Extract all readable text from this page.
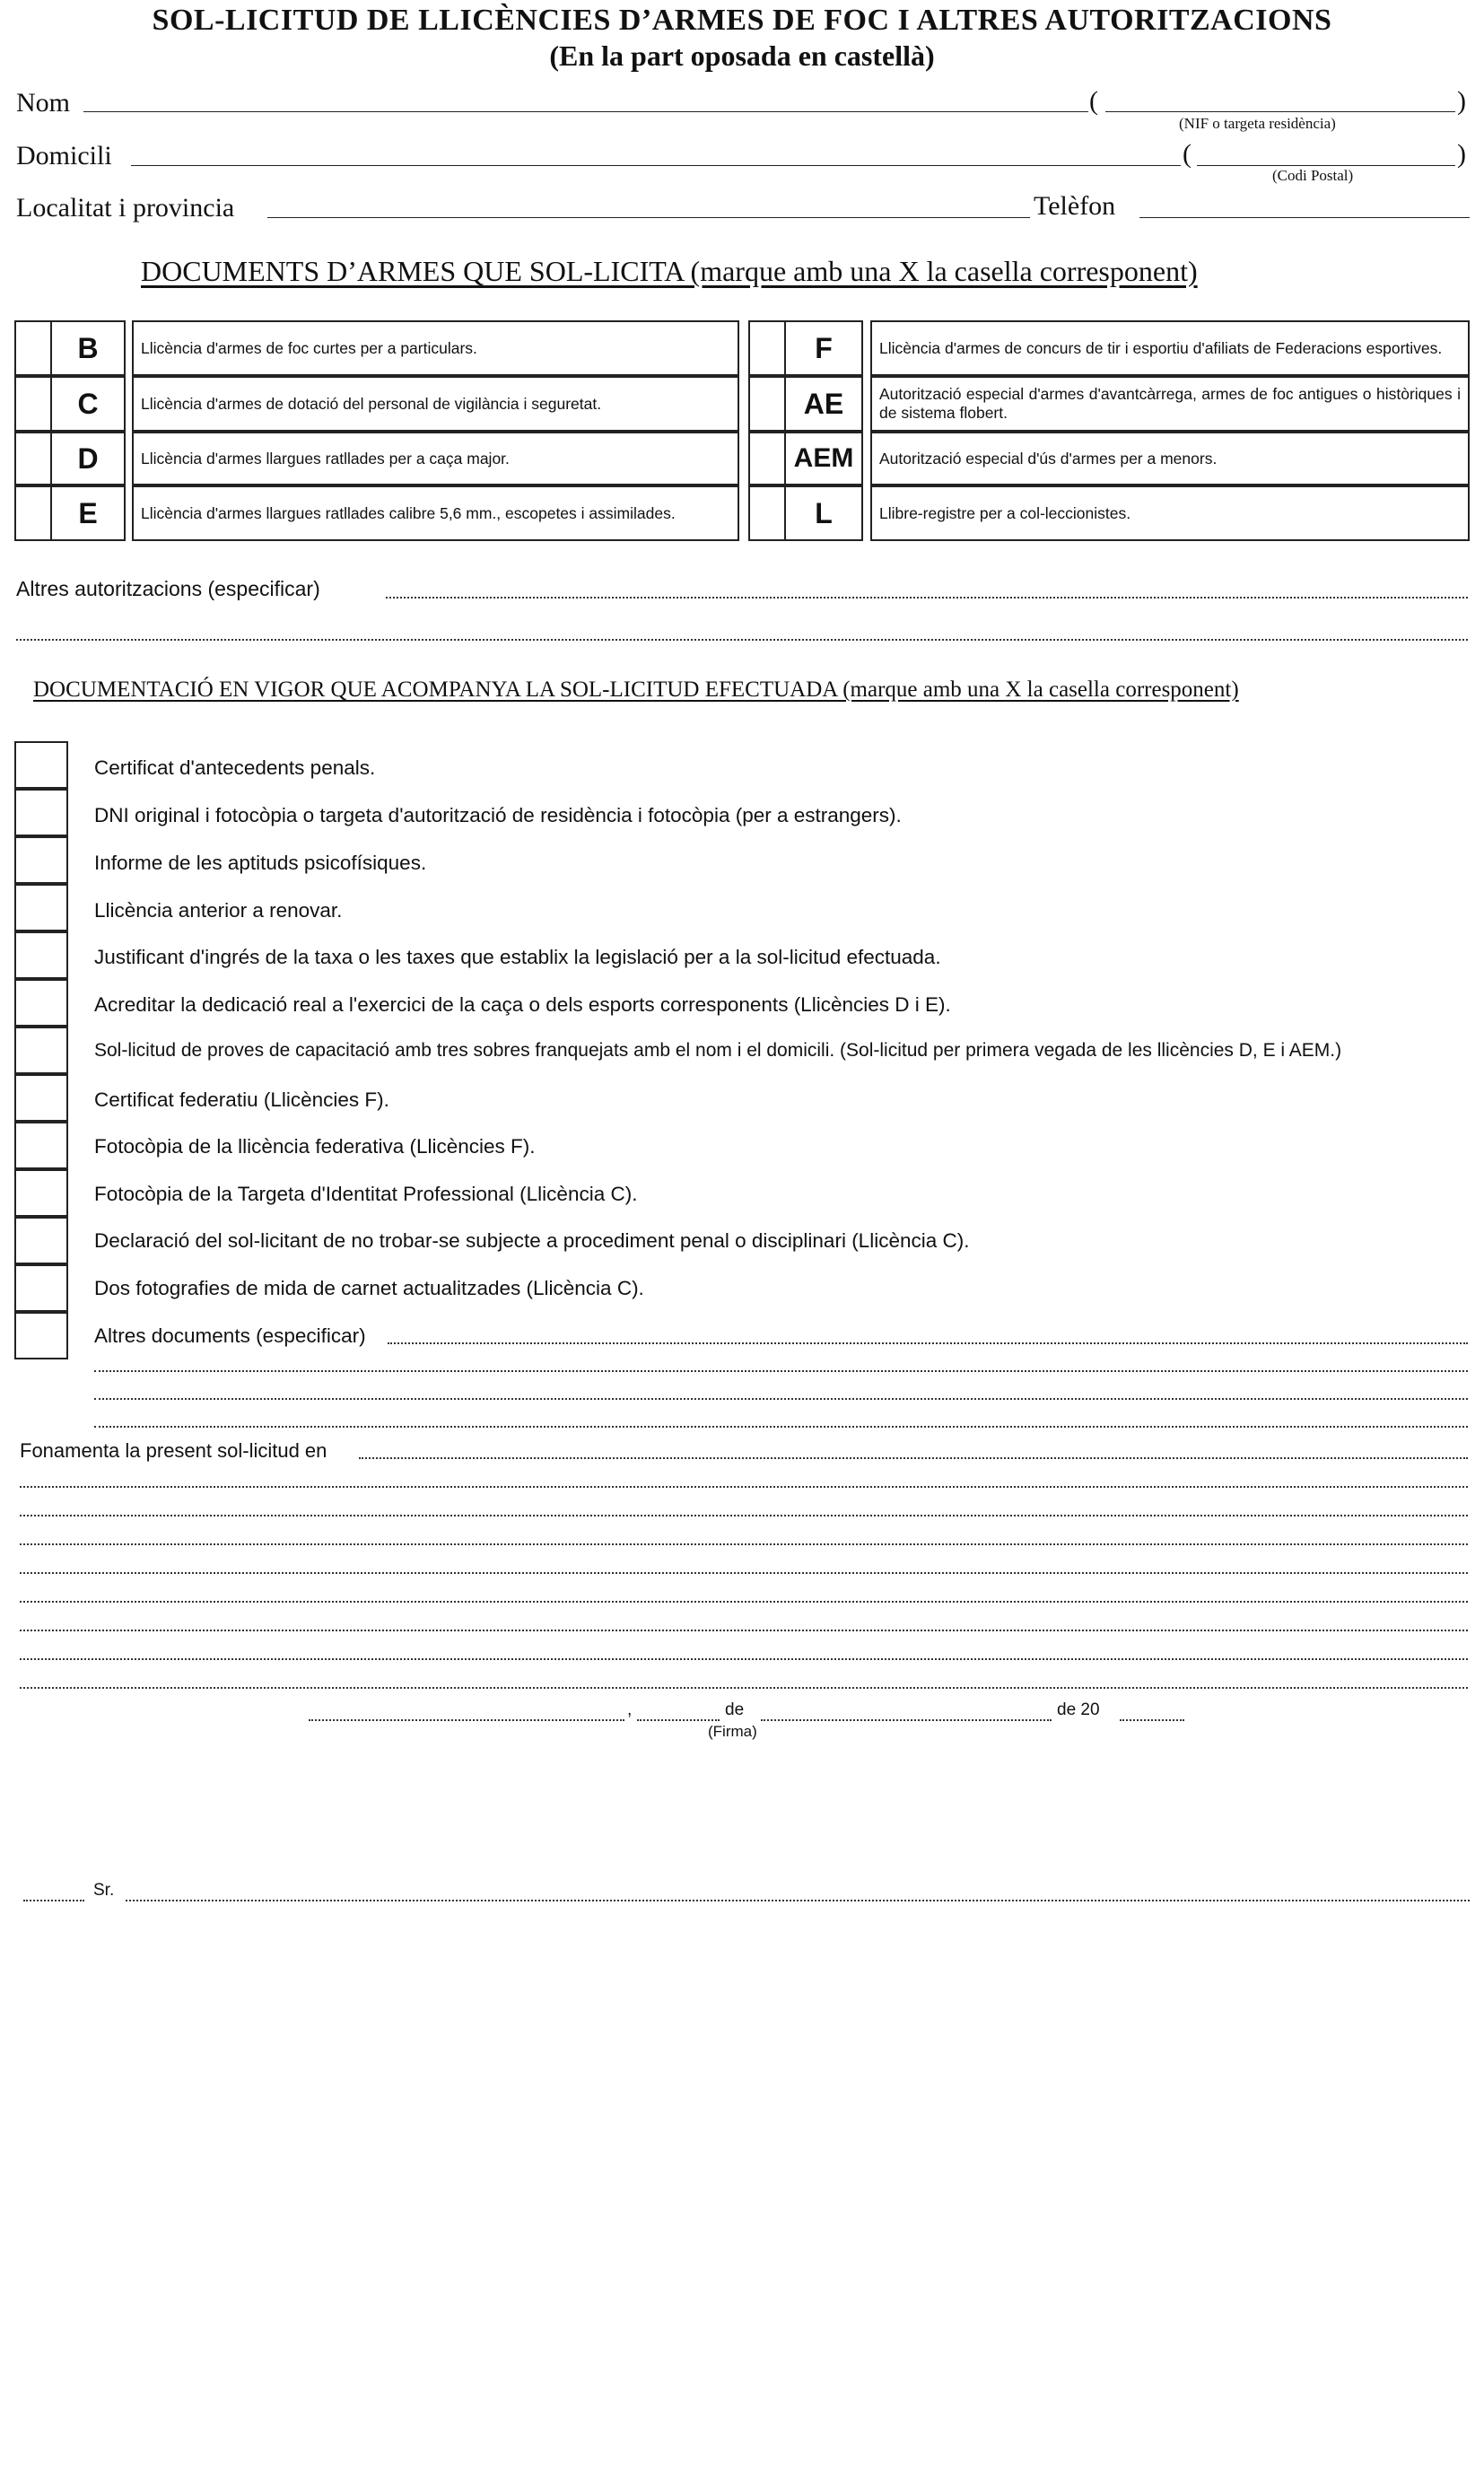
SOL-LICITUD DE LLICÈNCIES D’ARMES DE FOC I ALTRES AUTORITZACIONS
(En la part oposada en castellà)
Nom	(	)
(NIF o targeta residència)
Domicili	(	)
(Codi Postal)
Localitat i provincia	Telèfon
DOCUMENTS D’ARMES QUE SOL-LICITA (marque amb una X la casella corresponent)
B	Llicència d'armes de foc curtes per a particulars.
C	Llicència d'armes de dotació del personal de vigilància i seguretat.
D	Llicència d'armes llargues ratllades per a caça major.
E	Llicència d'armes llargues ratllades calibre 5,6 mm., escopetes i assimilades.
F	Llicència d'armes de concurs de tir i esportiu d'afiliats de Federacions esportives.
AE	Autorització especial d'armes d'avantcàrrega, armes de foc antigues o històriques i de sistema flobert.
AEM	Autorització especial d'ús d'armes per a menors.
L	Llibre-registre per a col-leccionistes.
Altres autoritzacions (especificar)
DOCUMENTACIÓ EN VIGOR QUE ACOMPANYA LA SOL-LICITUD EFECTUADA (marque amb una X la casella corresponent)
Certificat d'antecedents penals.
DNI original i fotocòpia o targeta d'autorització de residència i fotocòpia (per a estrangers).
Informe de les aptituds psicofísiques.
Llicència anterior a renovar.
Justificant d'ingrés de la taxa o les taxes que establix la legislació per a la sol-licitud efectuada.
Acreditar la dedicació real a l'exercici de la caça o dels esports corresponents (Llicències D i E).
Sol-licitud de proves de capacitació amb tres sobres franquejats amb el nom i el domicili. (Sol-licitud per primera vegada de les llicències D, E i AEM.)
Certificat federatiu (Llicències F).
Fotocòpia de la llicència federativa (Llicències F).
Fotocòpia de la Targeta d'Identitat Professional (Llicència C).
Declaració del sol-licitant de no trobar-se subjecte a procediment penal o disciplinari (Llicència C).
Dos fotografies de mida de carnet actualitzades (Llicència C).
Altres documents (especificar)
Fonamenta la present sol-licitud en
,	de	de 20
(Firma)
Sr.
